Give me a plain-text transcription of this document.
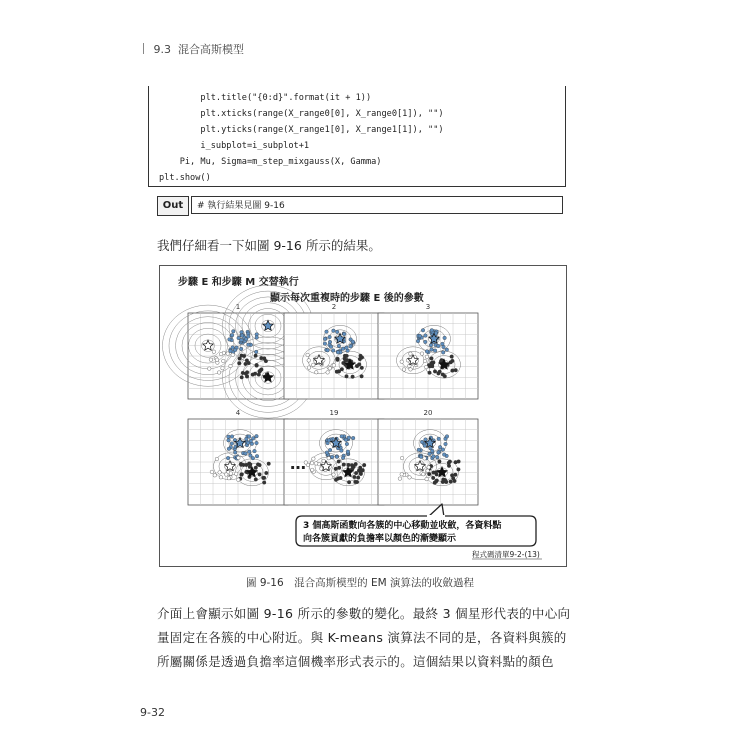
9.3 混合高斯模型
plt.title("{0:d}".format(it + 1))
plt.xticks(range(X_range0[0], X_range0[1]), "")
plt.yticks(range(X_range1[0], X_range1[1]), "")
i_subplot=i_subplot+1
Pi, Mu, Sigma=m_step_mixgauss(X, Gamma)
plt.show()
Out	# 執行結果見圖 9-16
我們仔細看一下如圖 9-16 所示的結果。
步驟 E 和步驟 M 交替執行
顯示每次重複時的步驟 E 後的參數
1	2	3
4	19	20
…
3 個高斯函數向各簇的中心移動並收斂，各資料點
向各簇貢獻的負擔率以顏色的漸變顯示
程式碼清單9-2-(13)
圖 9-16　混合高斯模型的 EM 演算法的收斂過程
介面上會顯示如圖 9-16 所示的參數的變化。最終 3 個星形代表的中心向
量固定在各簇的中心附近。與 K-means 演算法不同的是，各資料與簇的
所屬關係是透過負擔率這個機率形式表示的。這個結果以資料點的顏色
9-32
